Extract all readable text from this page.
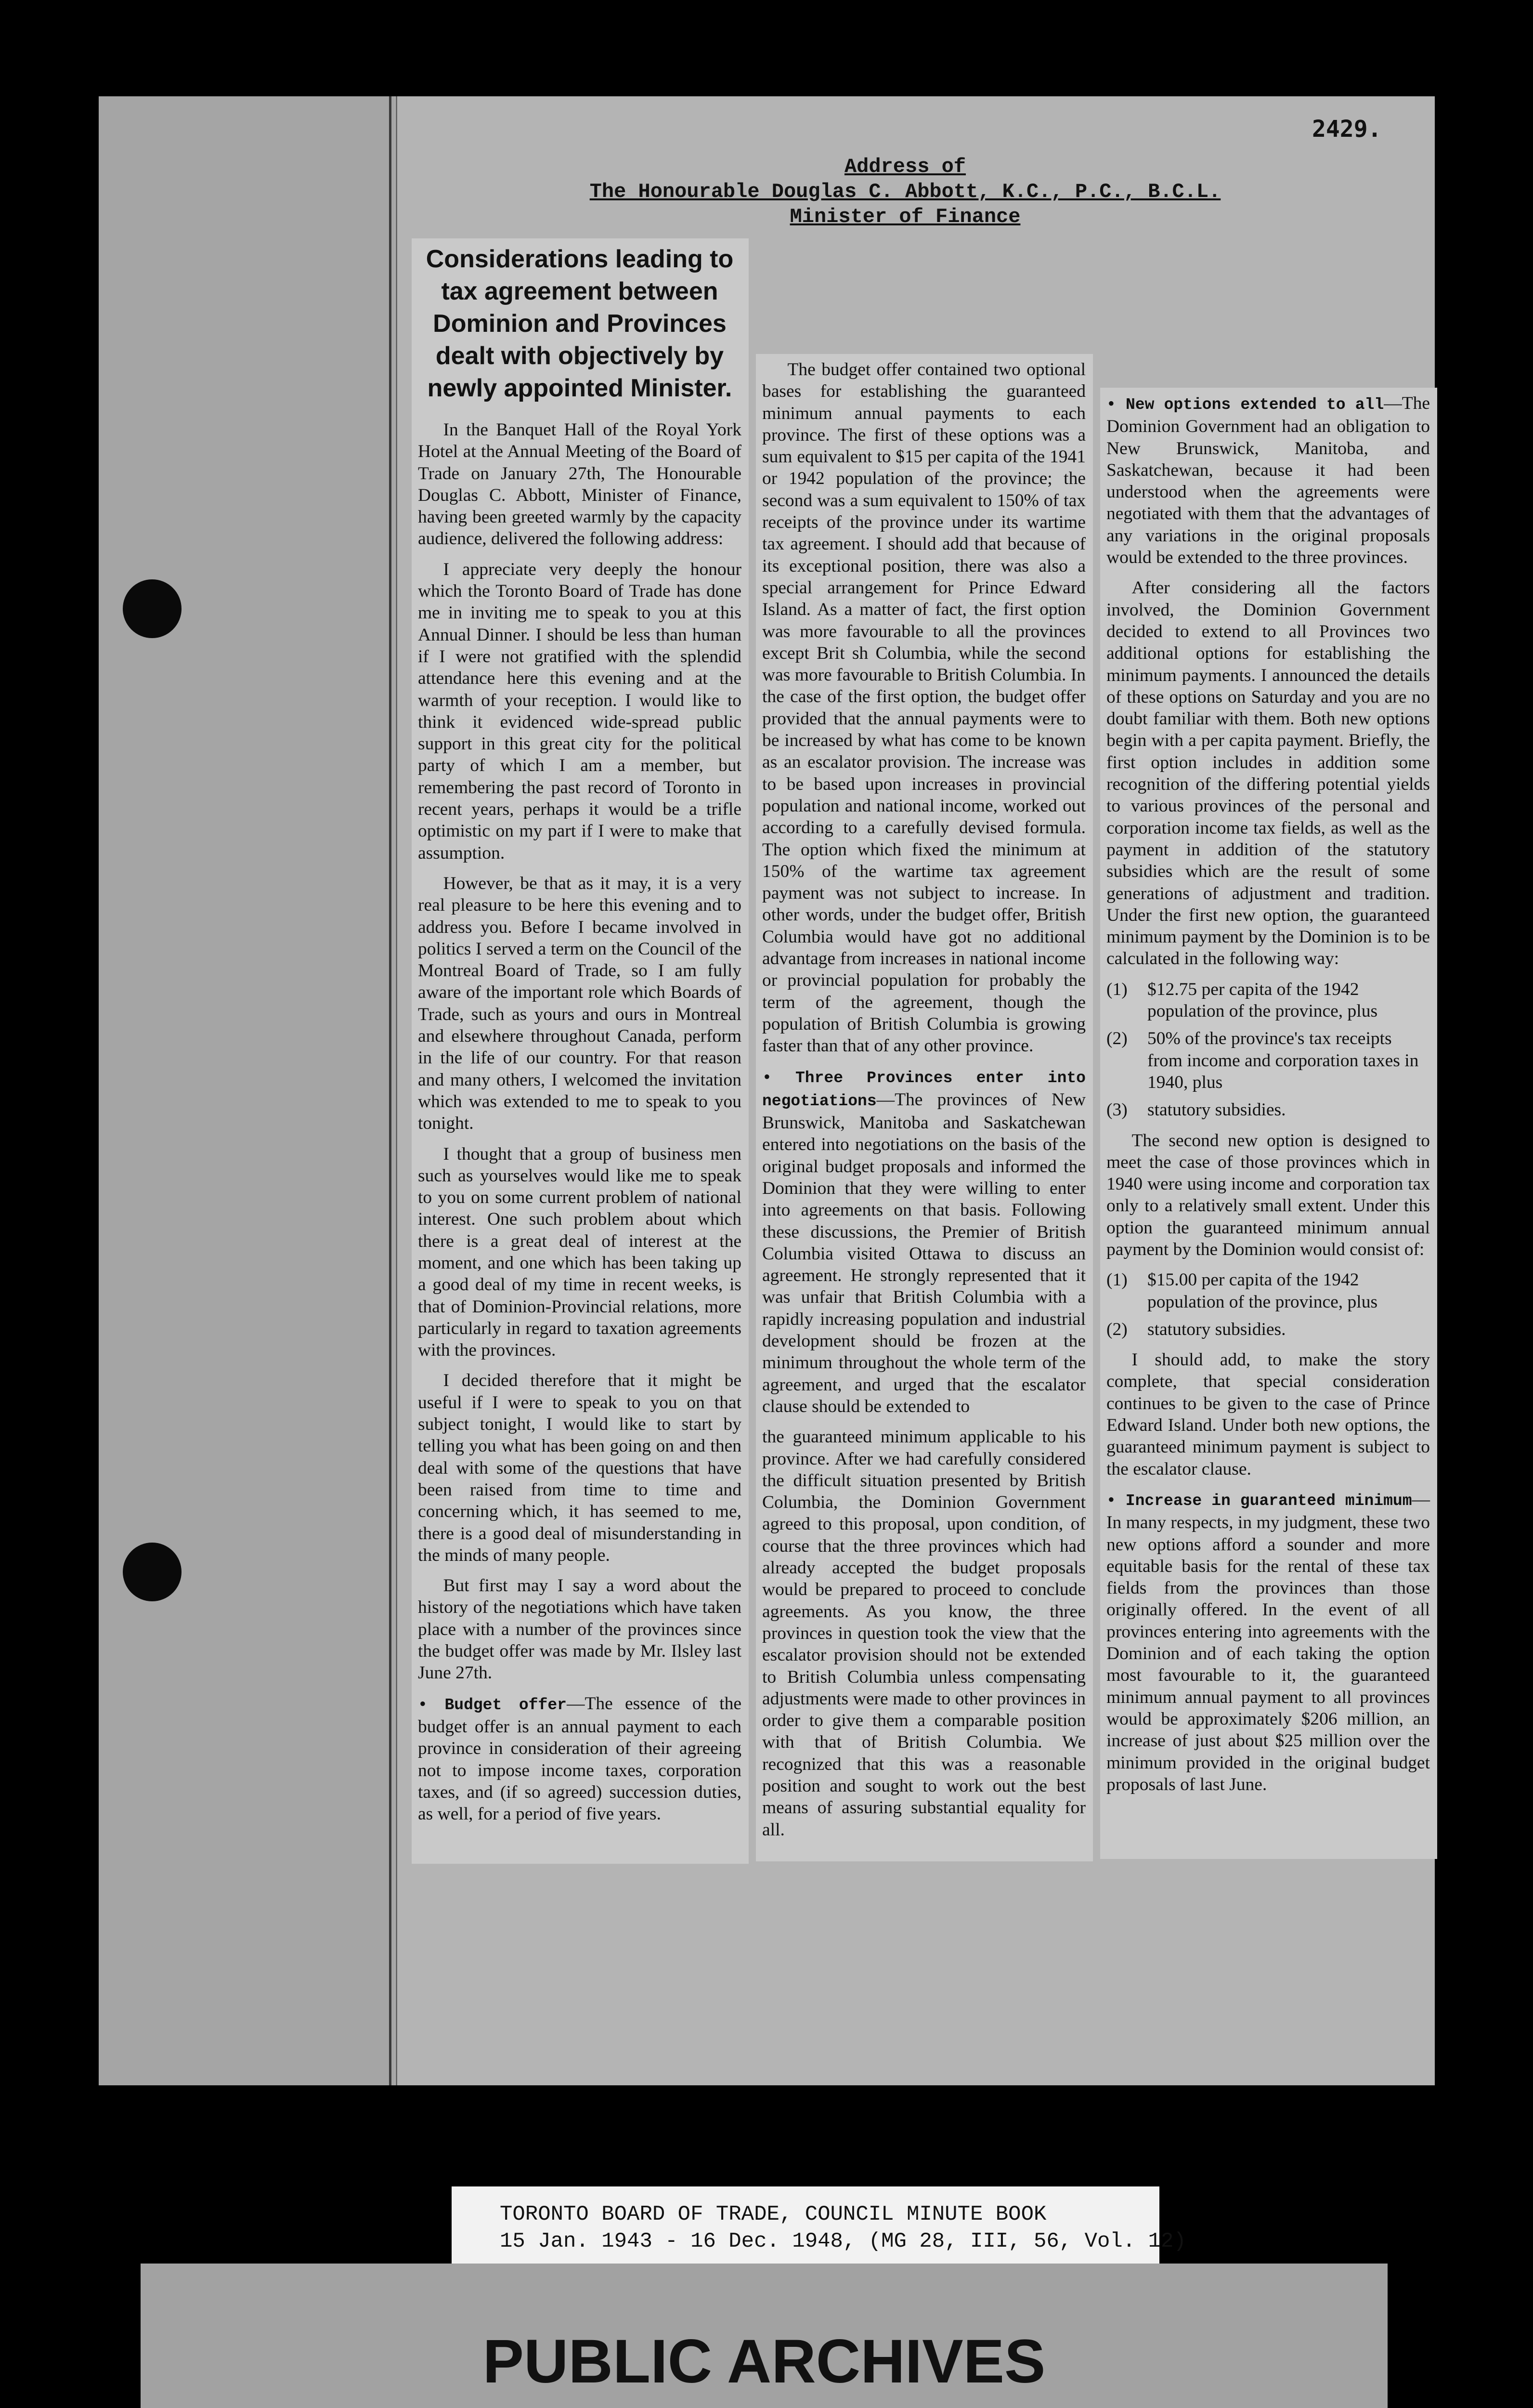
2429.
Address of
The Honourable Douglas C. Abbott, K.C., P.C., B.C.L.
Minister of Finance
Considerations leading to tax agreement between Dominion and Provinces dealt with objectively by newly appointed Minister.

In the Banquet Hall of the Royal York Hotel at the Annual Meeting of the Board of Trade on January 27th, The Honourable Douglas C. Abbott, Minister of Finance, having been greeted warmly by the capacity audience, delivered the following address:

I appreciate very deeply the honour which the Toronto Board of Trade has done me in inviting me to speak to you at this Annual Dinner. I should be less than human if I were not gratified with the splendid attendance here this evening and at the warmth of your reception. I would like to think it evidenced wide-spread public support in this great city for the political party of which I am a member, but remembering the past record of Toronto in recent years, perhaps it would be a trifle optimistic on my part if I were to make that assumption.

However, be that as it may, it is a very real pleasure to be here this evening and to address you. Before I became involved in politics I served a term on the Council of the Montreal Board of Trade, so I am fully aware of the important role which Boards of Trade, such as yours and ours in Montreal and elsewhere throughout Canada, perform in the life of our country. For that reason and many others, I welcomed the invitation which was extended to me to speak to you tonight.

I thought that a group of business men such as yourselves would like me to speak to you on some current problem of national interest. One such problem about which there is a great deal of interest at the moment, and one which has been taking up a good deal of my time in recent weeks, is that of Dominion-Provincial relations, more particularly in regard to taxation agreements with the provinces.

I decided therefore that it might be useful if I were to speak to you on that subject tonight, I would like to start by telling you what has been going on and then deal with some of the questions that have been raised from time to time and concerning which, it has seemed to me, there is a good deal of misunderstanding in the minds of many people.

But first may I say a word about the history of the negotiations which have taken place with a number of the provinces since the budget offer was made by Mr. Ilsley last June 27th.

• Budget offer—The essence of the budget offer is an annual payment to each province in consideration of their agreeing not to impose income taxes, corporation taxes, and (if so agreed) succession duties, as well, for a period of five years.

The budget offer contained two optional bases for establishing the guaranteed minimum annual payments to each province. The first of these options was a sum equivalent to $15 per capita of the 1941 or 1942 population of the province; the second was a sum equivalent to 150% of tax receipts of the province under its wartime tax agreement. I should add that because of its exceptional position, there was also a special arrangement for Prince Edward Island. As a matter of fact, the first option was more favourable to all the provinces except Brit sh Columbia, while the second was more favourable to British Columbia. In the case of the first option, the budget offer provided that the annual payments were to be increased by what has come to be known as an escalator provision. The increase was to be based upon increases in provincial population and national income, worked out according to a carefully devised formula. The option which fixed the minimum at 150% of the wartime tax agreement payment was not subject to increase. In other words, under the budget offer, British Columbia would have got no additional advantage from increases in national income or provincial population for probably the term of the agreement, though the population of British Columbia is growing faster than that of any other province.

• Three Provinces enter into negotiations—The provinces of New Brunswick, Manitoba and Saskatchewan entered into negotiations on the basis of the original budget proposals and informed the Dominion that they were willing to enter into agreements on that basis. Following these discussions, the Premier of British Columbia visited Ottawa to discuss an agreement. He strongly represented that it was unfair that British Columbia with a rapidly increasing population and industrial development should be frozen at the minimum throughout the whole term of the agreement, and urged that the escalator clause should be extended to

the guaranteed minimum applicable to his province. After we had carefully considered the difficult situation presented by British Columbia, the Dominion Government agreed to this proposal, upon condition, of course that the three provinces which had already accepted the budget proposals would be prepared to proceed to conclude agreements. As you know, the three provinces in question took the view that the escalator provision should not be extended to British Columbia unless compensating adjustments were made to other provinces in order to give them a comparable position with that of British Columbia. We recognized that this was a reasonable position and sought to work out the best means of assuring substantial equality for all.

• New options extended to all—The Dominion Government had an obligation to New Brunswick, Manitoba, and Saskatchewan, because it had been understood when the agreements were negotiated with them that the advantages of any variations in the original proposals would be extended to the three provinces.

After considering all the factors involved, the Dominion Government decided to extend to all Provinces two additional options for establishing the minimum payments. I announced the details of these options on Saturday and you are no doubt familiar with them. Both new options begin with a per capita payment. Briefly, the first option includes in addition some recognition of the differing potential yields to various provinces of the personal and corporation income tax fields, as well as the payment in addition of the statutory subsidies which are the result of some generations of adjustment and tradition. Under the first new option, the guaranteed minimum payment by the Dominion is to be calculated in the following way:

(1)	$12.75 per capita of the 1942 population of the province, plus
(2)	50% of the province's tax receipts from income and corporation taxes in 1940, plus
(3)	statutory subsidies.

The second new option is designed to meet the case of those provinces which in 1940 were using income and corporation tax only to a relatively small extent. Under this option the guaranteed minimum annual payment by the Dominion would consist of:

(1)	$15.00 per capita of the 1942 population of the province, plus
(2)	statutory subsidies.

I should add, to make the story complete, that special consideration continues to be given to the case of Prince Edward Island. Under both new options, the guaranteed minimum payment is subject to the escalator clause.

• Increase in guaranteed minimum—In many respects, in my judgment, these two new options afford a sounder and more equitable basis for the rental of these tax fields from the provinces than those originally offered. In the event of all provinces entering into agreements with the Dominion and of each taking the option most favourable to it, the guaranteed minimum annual payment to all provinces would be approximately $206 million, an increase of just about $25 million over the minimum provided in the original budget proposals of last June.

TORONTO BOARD OF TRADE, COUNCIL MINUTE BOOK
15 Jan. 1943 - 16 Dec. 1948, (MG 28, III, 56, Vol. 12)
PUBLIC ARCHIVES
